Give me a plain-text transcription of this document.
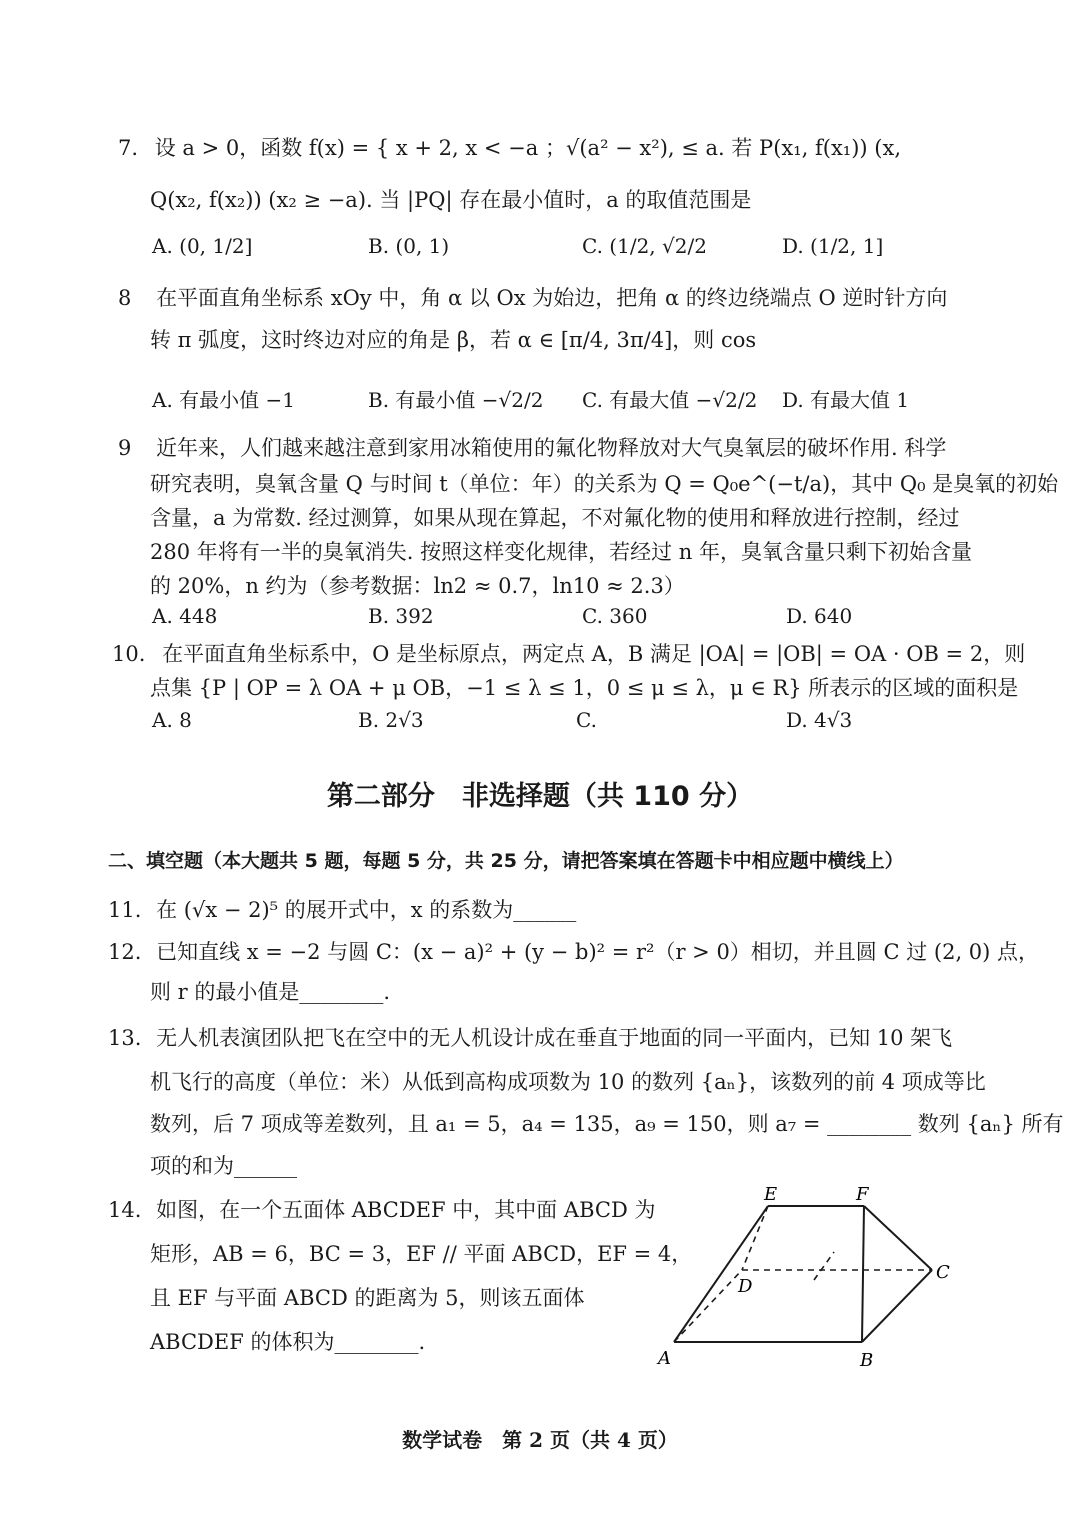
7. 设 a > 0，函数 f(x) = { x + 2, x < −a ；√(a² − x²), ≤ a. 若 P(x₁, f(x₁)) (x,
Q(x₂, f(x₂)) (x₂ ≥ −a). 当 |PQ| 存在最小值时，a 的取值范围是
A. (0, 1/2]	B. (0, 1)	C. (1/2, √2/2	D. (1/2, 1]
8 在平面直角坐标系 xOy 中，角 α 以 Ox 为始边，把角 α 的终边绕端点 O 逆时针方向
转 π 弧度，这时终边对应的角是 β，若 α ∈ [π/4, 3π/4]，则 cos
A. 有最小值 −1	B. 有最小值 −√2/2 C. 有最大值 −√2/2 D. 有最大值 1
9 近年来，人们越来越注意到家用冰箱使用的氟化物释放对大气臭氧层的破坏作用. 科学
研究表明，臭氧含量 Q 与时间 t（单位：年）的关系为 Q = Q₀e^(−t/a)，其中 Q₀ 是臭氧的初始
含量，a 为常数. 经过测算，如果从现在算起，不对氟化物的使用和释放进行控制，经过
280 年将有一半的臭氧消失. 按照这样变化规律，若经过 n 年，臭氧含量只剩下初始含量
的 20%，n 约为（参考数据：ln2 ≈ 0.7，ln10 ≈ 2.3）
A. 448	B. 392	C. 360	D. 640
10. 在平面直角坐标系中，O 是坐标原点，两定点 A，B 满足 |OA| = |OB| = OA · OB = 2，则
点集 {P | OP = λ OA + μ OB，−1 ≤ λ ≤ 1，0 ≤ μ ≤ λ，μ ∈ R} 所表示的区域的面积是
A. 8	B. 2√3	C.	D. 4√3
第二部分　非选择题（共 110 分）
二、填空题（本大题共 5 题，每题 5 分，共 25 分，请把答案填在答题卡中相应题中横线上）
11. 在 (√x − 2)⁵ 的展开式中，x 的系数为______
12. 已知直线 x = −2 与圆 C：(x − a)² + (y − b)² = r²（r > 0）相切，并且圆 C 过 (2, 0) 点，
则 r 的最小值是________.
13. 无人机表演团队把飞在空中的无人机设计成在垂直于地面的同一平面内，已知 10 架飞
机飞行的高度（单位：米）从低到高构成项数为 10 的数列 {aₙ}，该数列的前 4 项成等比
数列，后 7 项成等差数列，且 a₁ = 5，a₄ = 135，a₉ = 150，则 a₇ = ________ 数列 {aₙ} 所有
项的和为______
14. 如图，在一个五面体 ABCDEF 中，其中面 ABCD 为
矩形，AB = 6，BC = 3，EF // 平面 ABCD，EF = 4，
且 EF 与平面 ABCD 的距离为 5，则该五面体
ABCDEF 的体积为________.
E	F
D
C
A	B
数学试卷　第 2 页（共 4 页）
